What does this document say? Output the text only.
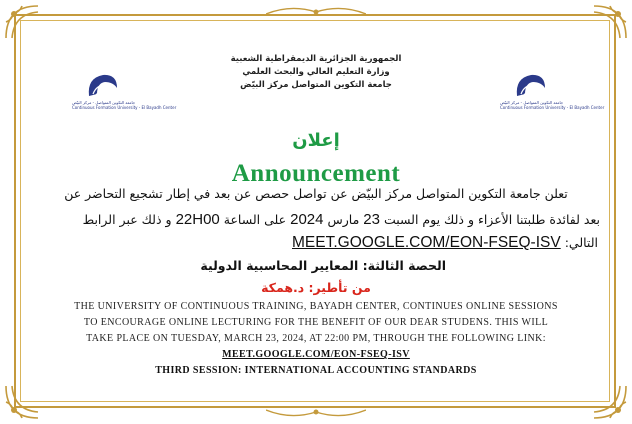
جامعة التكوين المتواصل - مركز البيّض
Continuous Formation University - El Bayadh Center
جامعة التكوين المتواصل - مركز البيّض
Continuous Formation University - El Bayadh Center
الجمهورية الجزائرية الديمقراطية الشعبية
وزارة التعليم العالي والبحث العلمي
جامعة التكوين المتواصل مركز البيّض
إعلان
Announcement
تعلن جامعة التكوين المتواصل مركز البيّض عن تواصل حصص عن بعد في إطار تشجيع التحاضر عن
بعد لفائدة طلبتنا الأعزاء و ذلك يوم السبت 23 مارس 2024 على الساعة 22H00 و ذلك عبر الرابط
التالي: MEET.GOOGLE.COM/EON-FSEQ-ISV
الحصة الثالثة: المعايير المحاسبية الدولية
من تأطير: د.همكة
THE UNIVERSITY OF CONTINUOUS TRAINING, BAYADH CENTER, CONTINUES ONLINE SESSIONS
TO ENCOURAGE ONLINE LECTURING FOR THE BENEFIT OF OUR DEAR STUDENS. THIS WILL
TAKE PLACE ON TUESDAY, MARCH 23, 2024, AT 22:00 PM, THROUGH THE FOLLOWING LINK:
MEET.GOOGLE.COM/EON-FSEQ-ISV
THIRD SESSION: INTERNATIONAL ACCOUNTING STANDARDS
